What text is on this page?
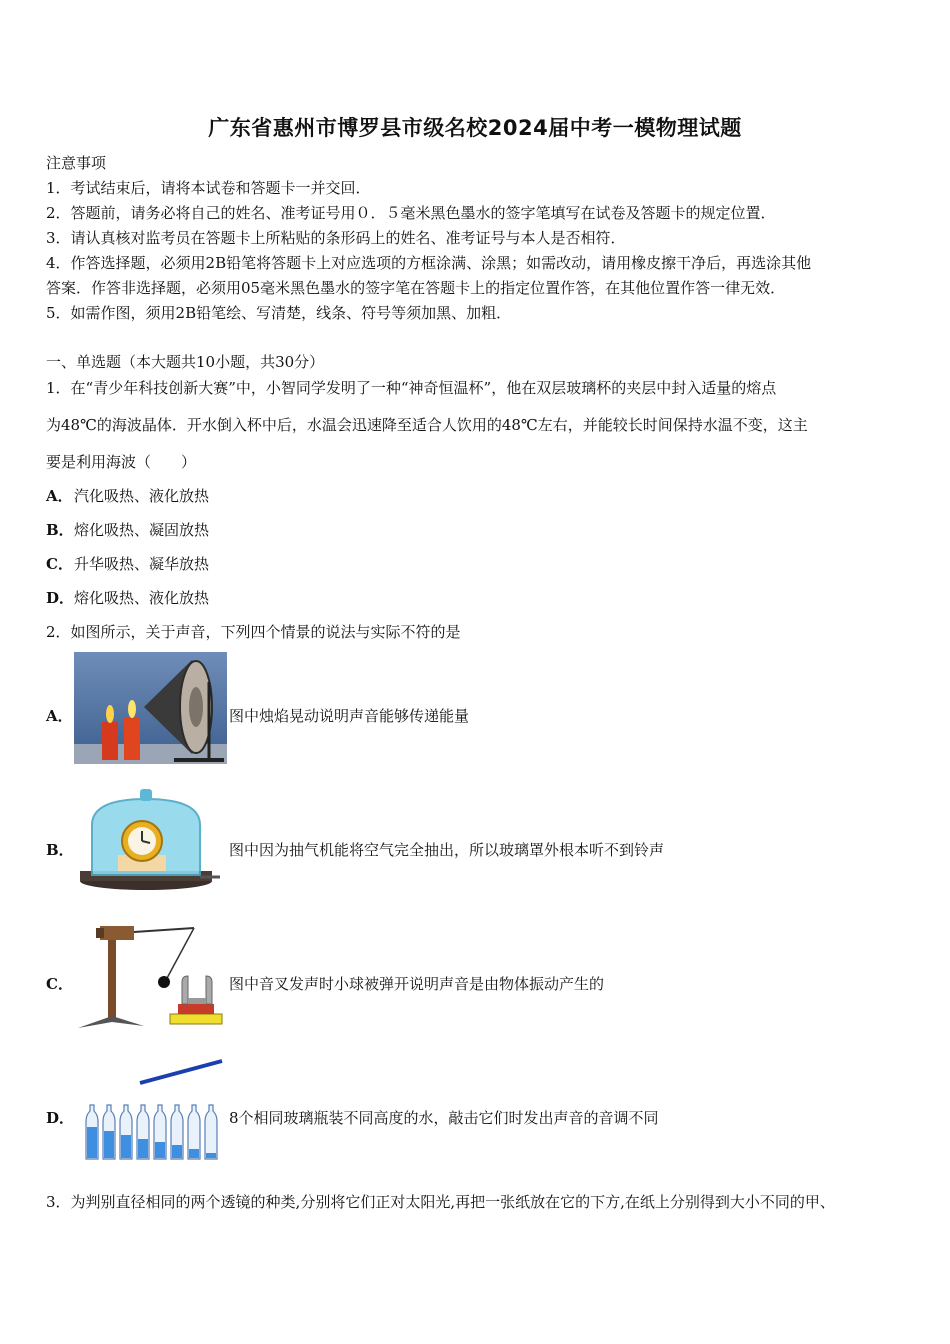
广东省惠州市博罗县市级名校2024届中考一模物理试题
注意事项
1．考试结束后，请将本试卷和答题卡一并交回．
2．答题前，请务必将自己的姓名、准考证号用０．５毫米黑色墨水的签字笔填写在试卷及答题卡的规定位置．
3．请认真核对监考员在答题卡上所粘贴的条形码上的姓名、准考证号与本人是否相符．
4．作答选择题，必须用2B铅笔将答题卡上对应选项的方框涂满、涂黑；如需改动，请用橡皮擦干净后，再选涂其他
答案．作答非选择题，必须用05毫米黑色墨水的签字笔在答题卡上的指定位置作答，在其他位置作答一律无效．
5．如需作图，须用2B铅笔绘、写清楚，线条、符号等须加黑、加粗．
一、单选题（本大题共10小题，共30分）
1．在“青少年科技创新大赛”中，小智同学发明了一种“神奇恒温杯”，他在双层玻璃杯的夹层中封入适量的熔点
为48℃的海波晶体．开水倒入杯中后，水温会迅速降至适合人饮用的48℃左右，并能较长时间保持水温不变，这主
要是利用海波（　　）
A． 汽化吸热、液化放热
B． 熔化吸热、凝固放热
C． 升华吸热、凝华放热
D． 熔化吸热、液化放热
2．如图所示，关于声音，下列四个情景的说法与实际不符的是
A．	图中烛焰晃动说明声音能够传递能量
B．	图中因为抽气机能将空气完全抽出，所以玻璃罩外根本听不到铃声
C．	图中音叉发声时小球被弹开说明声音是由物体振动产生的
D．	8个相同玻璃瓶装不同高度的水，敲击它们时发出声音的音调不同
3．为判别直径相同的两个透镜的种类,分别将它们正对太阳光,再把一张纸放在它的下方,在纸上分别得到大小不同的甲、
